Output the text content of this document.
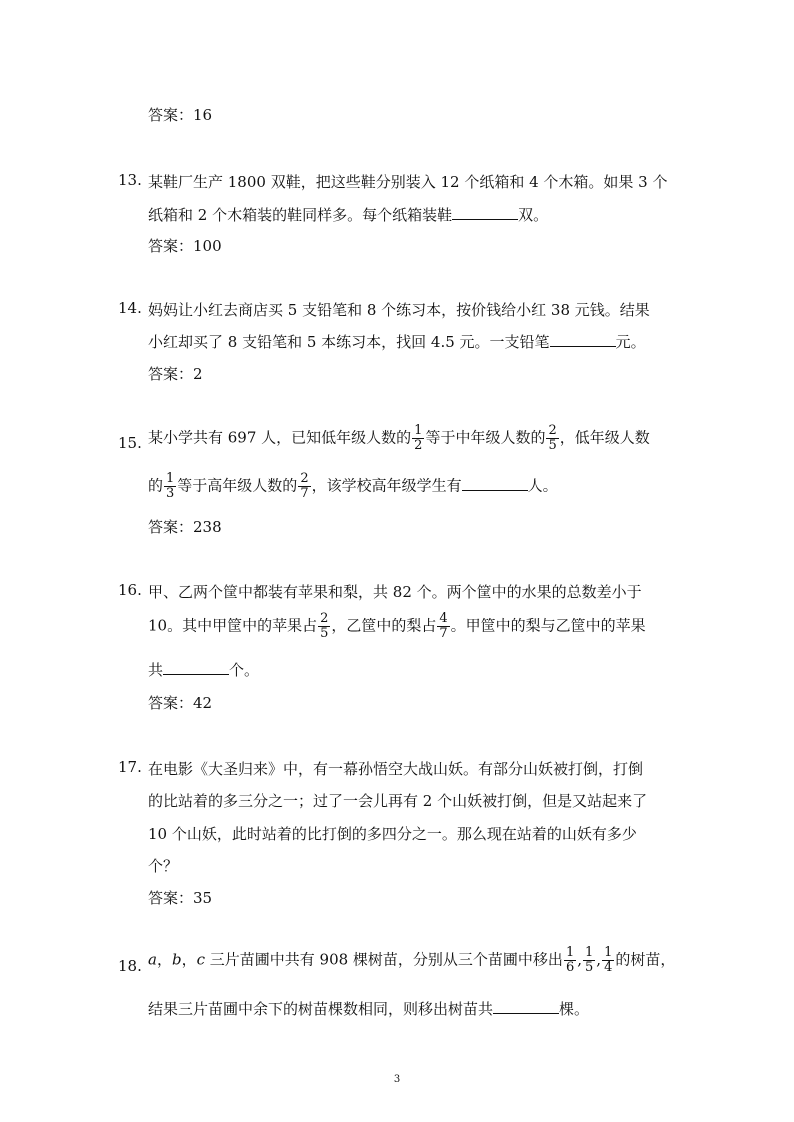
答案：16
13. 某鞋厂生产 1800 双鞋，把这些鞋分别装入 12 个纸箱和 4 个木箱。如果 3 个
纸箱和 2 个木箱装的鞋同样多。每个纸箱装鞋	双。
答案：100
14. 妈妈让小红去商店买 5 支铅笔和 8 个练习本，按价钱给小红 38 元钱。结果
小红却买了 8 支铅笔和 5 本练习本，找回 4.5 元。一支铅笔	元。
答案：2
15. 某小学共有 697 人，已知低年级人数的 $\frac{1}{2}$ 等于中年级人数的 $\frac{2}{5}$ ，低年级人数
的 $\frac{1}{3}$ 等于高年级人数的 $\frac{2}{7}$ ，该学校高年级学生有	人。
答案：238
16. 甲、乙两个筐中都装有苹果和梨，共 82 个。两个筐中的水果的总数差小于
10。其中甲筐中的苹果占 $\frac{2}{5}$ ，乙筐中的梨占 $\frac{4}{7}$ 。甲筐中的梨与乙筐中的苹果
共	个。
答案：42
17. 在电影《大圣归来》中，有一幕孙悟空大战山妖。有部分山妖被打倒，打倒
的比站着的多三分之一；过了一会儿再有 2 个山妖被打倒，但是又站起来了
10 个山妖，此时站着的比打倒的多四分之一。那么现在站着的山妖有多少
个？
答案：35
18. a，b，c 三片苗圃中共有 908 棵树苗，分别从三个苗圃中移出 $\frac{1}{6}$ , $\frac{1}{5}$ , $\frac{1}{4}$ 的树苗，
结果三片苗圃中余下的树苗棵数相同，则移出树苗共	棵。
3
